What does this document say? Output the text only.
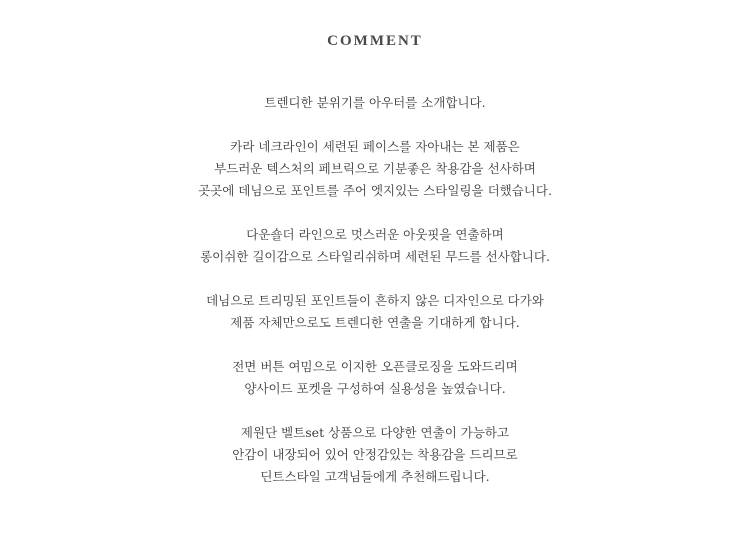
COMMENT
트렌디한 분위기를 아우터를 소개합니다.
카라 네크라인이 세련된 페이스를 자아내는 본 제품은
부드러운 텍스처의 페브릭으로 기분좋은 착용감을 선사하며
곳곳에 데님으로 포인트를 주어 엣지있는 스타일링을 더했습니다.
다운숄더 라인으로 멋스러운 아웃핏을 연출하며
롱이쉬한 길이감으로 스타일리쉬하며 세련된 무드를 선사합니다.
데님으로 트리밍된 포인트들이 흔하지 않은 디자인으로 다가와
제품 자체만으로도 트렌디한 연출을 기대하게 합니다.
전면 버튼 여밈으로 이지한 오픈클로징을 도와드리며
양사이드 포켓을 구성하여 실용성을 높였습니다.
제원단 벨트set 상품으로 다양한 연출이 가능하고
안감이 내장되어 있어 안정감있는 착용감을 드리므로
딘트스타일 고객님들에게 추천해드립니다.
